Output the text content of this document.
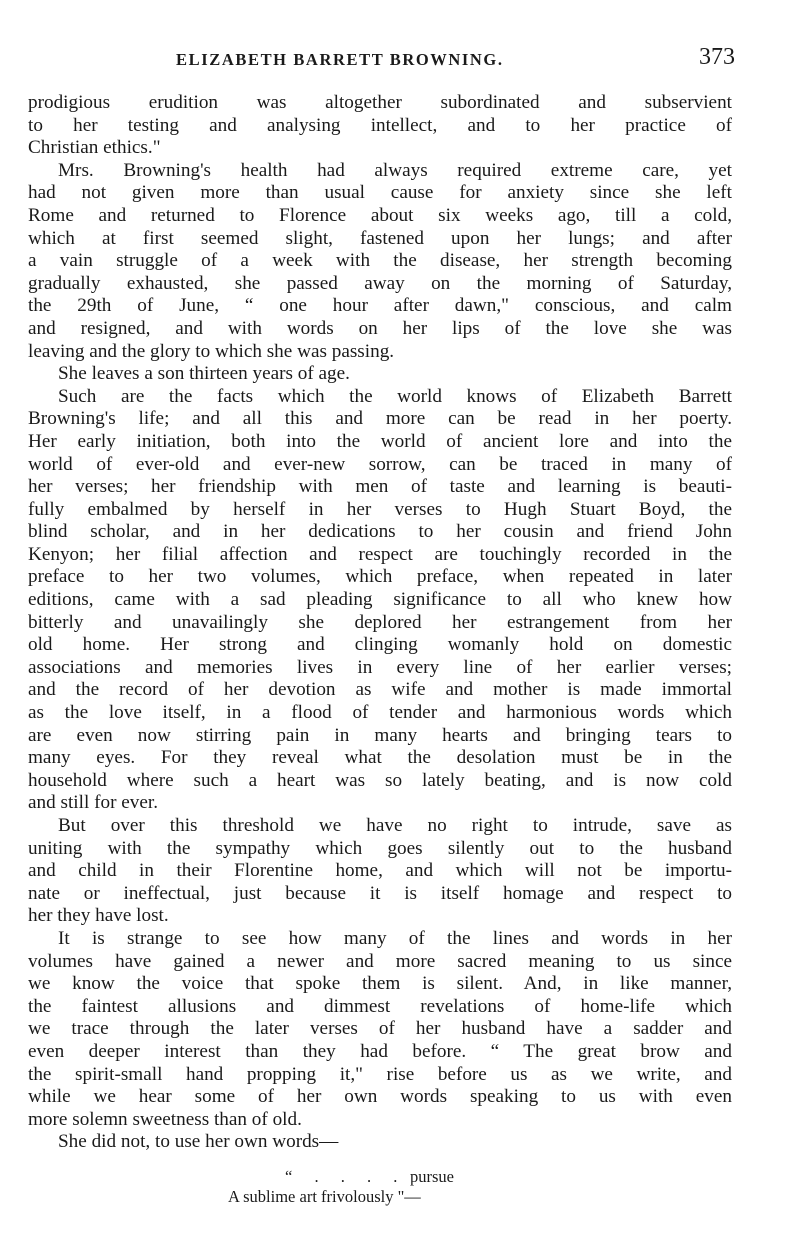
ELIZABETH BARRETT BROWNING.	373
prodigious erudition was altogether subordinated and subservient
to her testing and analysing intellect, and to her practice of
Christian ethics."
Mrs. Browning's health had always required extreme care, yet
had not given more than usual cause for anxiety since she left
Rome and returned to Florence about six weeks ago, till a cold,
which at first seemed slight, fastened upon her lungs; and after
a vain struggle of a week with the disease, her strength becoming
gradually exhausted, she passed away on the morning of Saturday,
the 29th of June, “ one hour after dawn," conscious, and calm
and resigned, and with words on her lips of the love she was
leaving and the glory to which she was passing.
She leaves a son thirteen years of age.
Such are the facts which the world knows of Elizabeth Barrett
Browning's life; and all this and more can be read in her poerty.
Her early initiation, both into the world of ancient lore and into the
world of ever-old and ever-new sorrow, can be traced in many of
her verses; her friendship with men of taste and learning is beauti-
fully embalmed by herself in her verses to Hugh Stuart Boyd, the
blind scholar, and in her dedications to her cousin and friend John
Kenyon; her filial affection and respect are touchingly recorded in the
preface to her two volumes, which preface, when repeated in later
editions, came with a sad pleading significance to all who knew how
bitterly and unavailingly she deplored her estrangement from her
old home. Her strong and clinging womanly hold on domestic
associations and memories lives in every line of her earlier verses;
and the record of her devotion as wife and mother is made immortal
as the love itself, in a flood of tender and harmonious words which
are even now stirring pain in many hearts and bringing tears to
many eyes. For they reveal what the desolation must be in the
household where such a heart was so lately beating, and is now cold
and still for ever.
But over this threshold we have no right to intrude, save as
uniting with the sympathy which goes silently out to the husband
and child in their Florentine home, and which will not be importu-
nate or ineffectual, just because it is itself homage and respect to
her they have lost.
It is strange to see how many of the lines and words in her
volumes have gained a newer and more sacred meaning to us since
we know the voice that spoke them is silent. And, in like manner,
the faintest allusions and dimmest revelations of home-life which
we trace through the later verses of her husband have a sadder and
even deeper interest than they had before. “ The great brow and
the spirit-small hand propping it," rise before us as we write, and
while we hear some of her own words speaking to us with even
more solemn sweetness than of old.
She did not, to use her own words—
“ . . . . pursue
A sublime art frivolously "—
